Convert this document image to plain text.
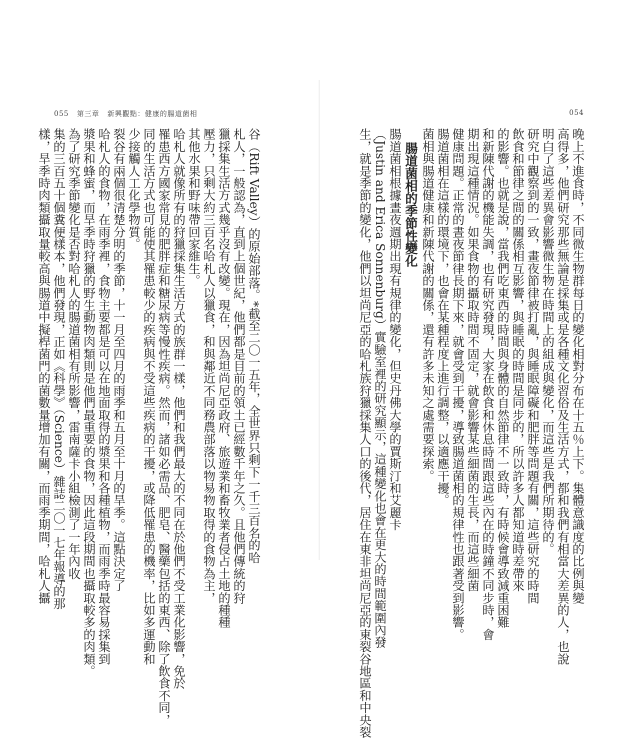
055 第三章 新興觀點：健康的腸道菌相
谷（Rift Valley）的原始部落。*截至二〇一五年，全世界只剩下一千三百名的哈
札人，一般認為，直到上個世紀，他們都是目前的領土已經數千年之久。且他們傳統的狩
獵採集生活方式幾乎沒有改變。現在，因為坦尚尼亞政府、旅遊業和畜牧業者侵占土地的種種
壓力，只剩大約三百名哈札人以獵食，和與鄰近不同務農部落以物易物取得的食物為主，
其他水果和野味帶回家維生。
哈札人就像所有的狩獵採集生活方式的族群一樣，他們和我們最大的不同在於他們不受工業化影響，免於
罹患西方國家常見的肥胖症和糖尿病等慢性疾病。然而，諸如必需品、肥皂、醫藥包括的東西、除了飲食不同，
同的生活方式也可能使其罹患較少的疾病與不受這些疾病的干擾，或降低罹患的機率，比如多運動和
少接觸人工化學物質。
裂谷有兩個很清楚分明的季節，十一月至四月的雨季和五月至十月的旱季。這點決定了
哈札人的食物，在雨季裡，食物主要都是可以在地面取得的漿果和各種植物，而雨季時最容易採集到
漿果和蜂蜜，而旱季時狩獵的野生動物肉類則是他們最重要的食物，因此這段期間也攝取較多的肉類。
為了研究季節變化是否對哈札人的腸道菌相有所影響，雷南薩卡小組檢測了一年內收
集的三百五十個糞便樣本，他們發現，正如《科學》（Science）雜誌二〇一七年報導的那
樣，旱季時肉類攝取量較高與腸道中擬桿菌門的菌數量增加有關，而雨季期間，哈札人攝
054
晚上不進食時，不同微生物群每日的變化相對分布在十五％上下。集體意識度的比例與變
高得多，他們研究那些無論是採集或是各種文化習俗及生活方式，都和我們有相當大差異的人，也說
明白了這些差異會影響微生物在時間上的組成與變化，而這些是我們所期待的。
研究中觀察到的一致，畫夜節律被打亂，與睡眠障礙和肥胖等問題有關，這些研究的時間
飲食和節律之間的關係相互影響，與睡眠的時間是同步的，所以許多人都知道時差帶來
的影響。也就是說，當我們吃東西的時間與身體的自然節律不一致時，有時候會導致減重困難
和新陳代謝的機能失調，也有研究發現，大家在飲食和休息時間跟這些內在的時鐘不同步時，會
期出現這種情況。如果食物的攝取時間不固定，就會影響某些細菌的生長，而這些細菌
健康問題。正常的晝夜節律長期下來，就會受到干擾，導致腸道菌相的規律性也跟著受到影響。
腸道菌相在這樣的環境下，也會在某種程度上進行調整，以適應干擾。
菌相與腸道健康和新陳代謝的關係，還有許多未知之處需要探索。
腸道菌相的季節性變化
腸道菌相根據晝夜週期出現有規律的變化，但史丹佛大學的賈斯汀和艾麗卡
（Justin and Erica Sonnenburg）實驗室裡的研究顯示，這種變化也會在更大的時間範圍內發
生，就是季節的變化，他們以坦尚尼亞的哈札族狩獵採集人口的後代，居住在東非坦尚尼亞的東裂谷地區和中央裂
